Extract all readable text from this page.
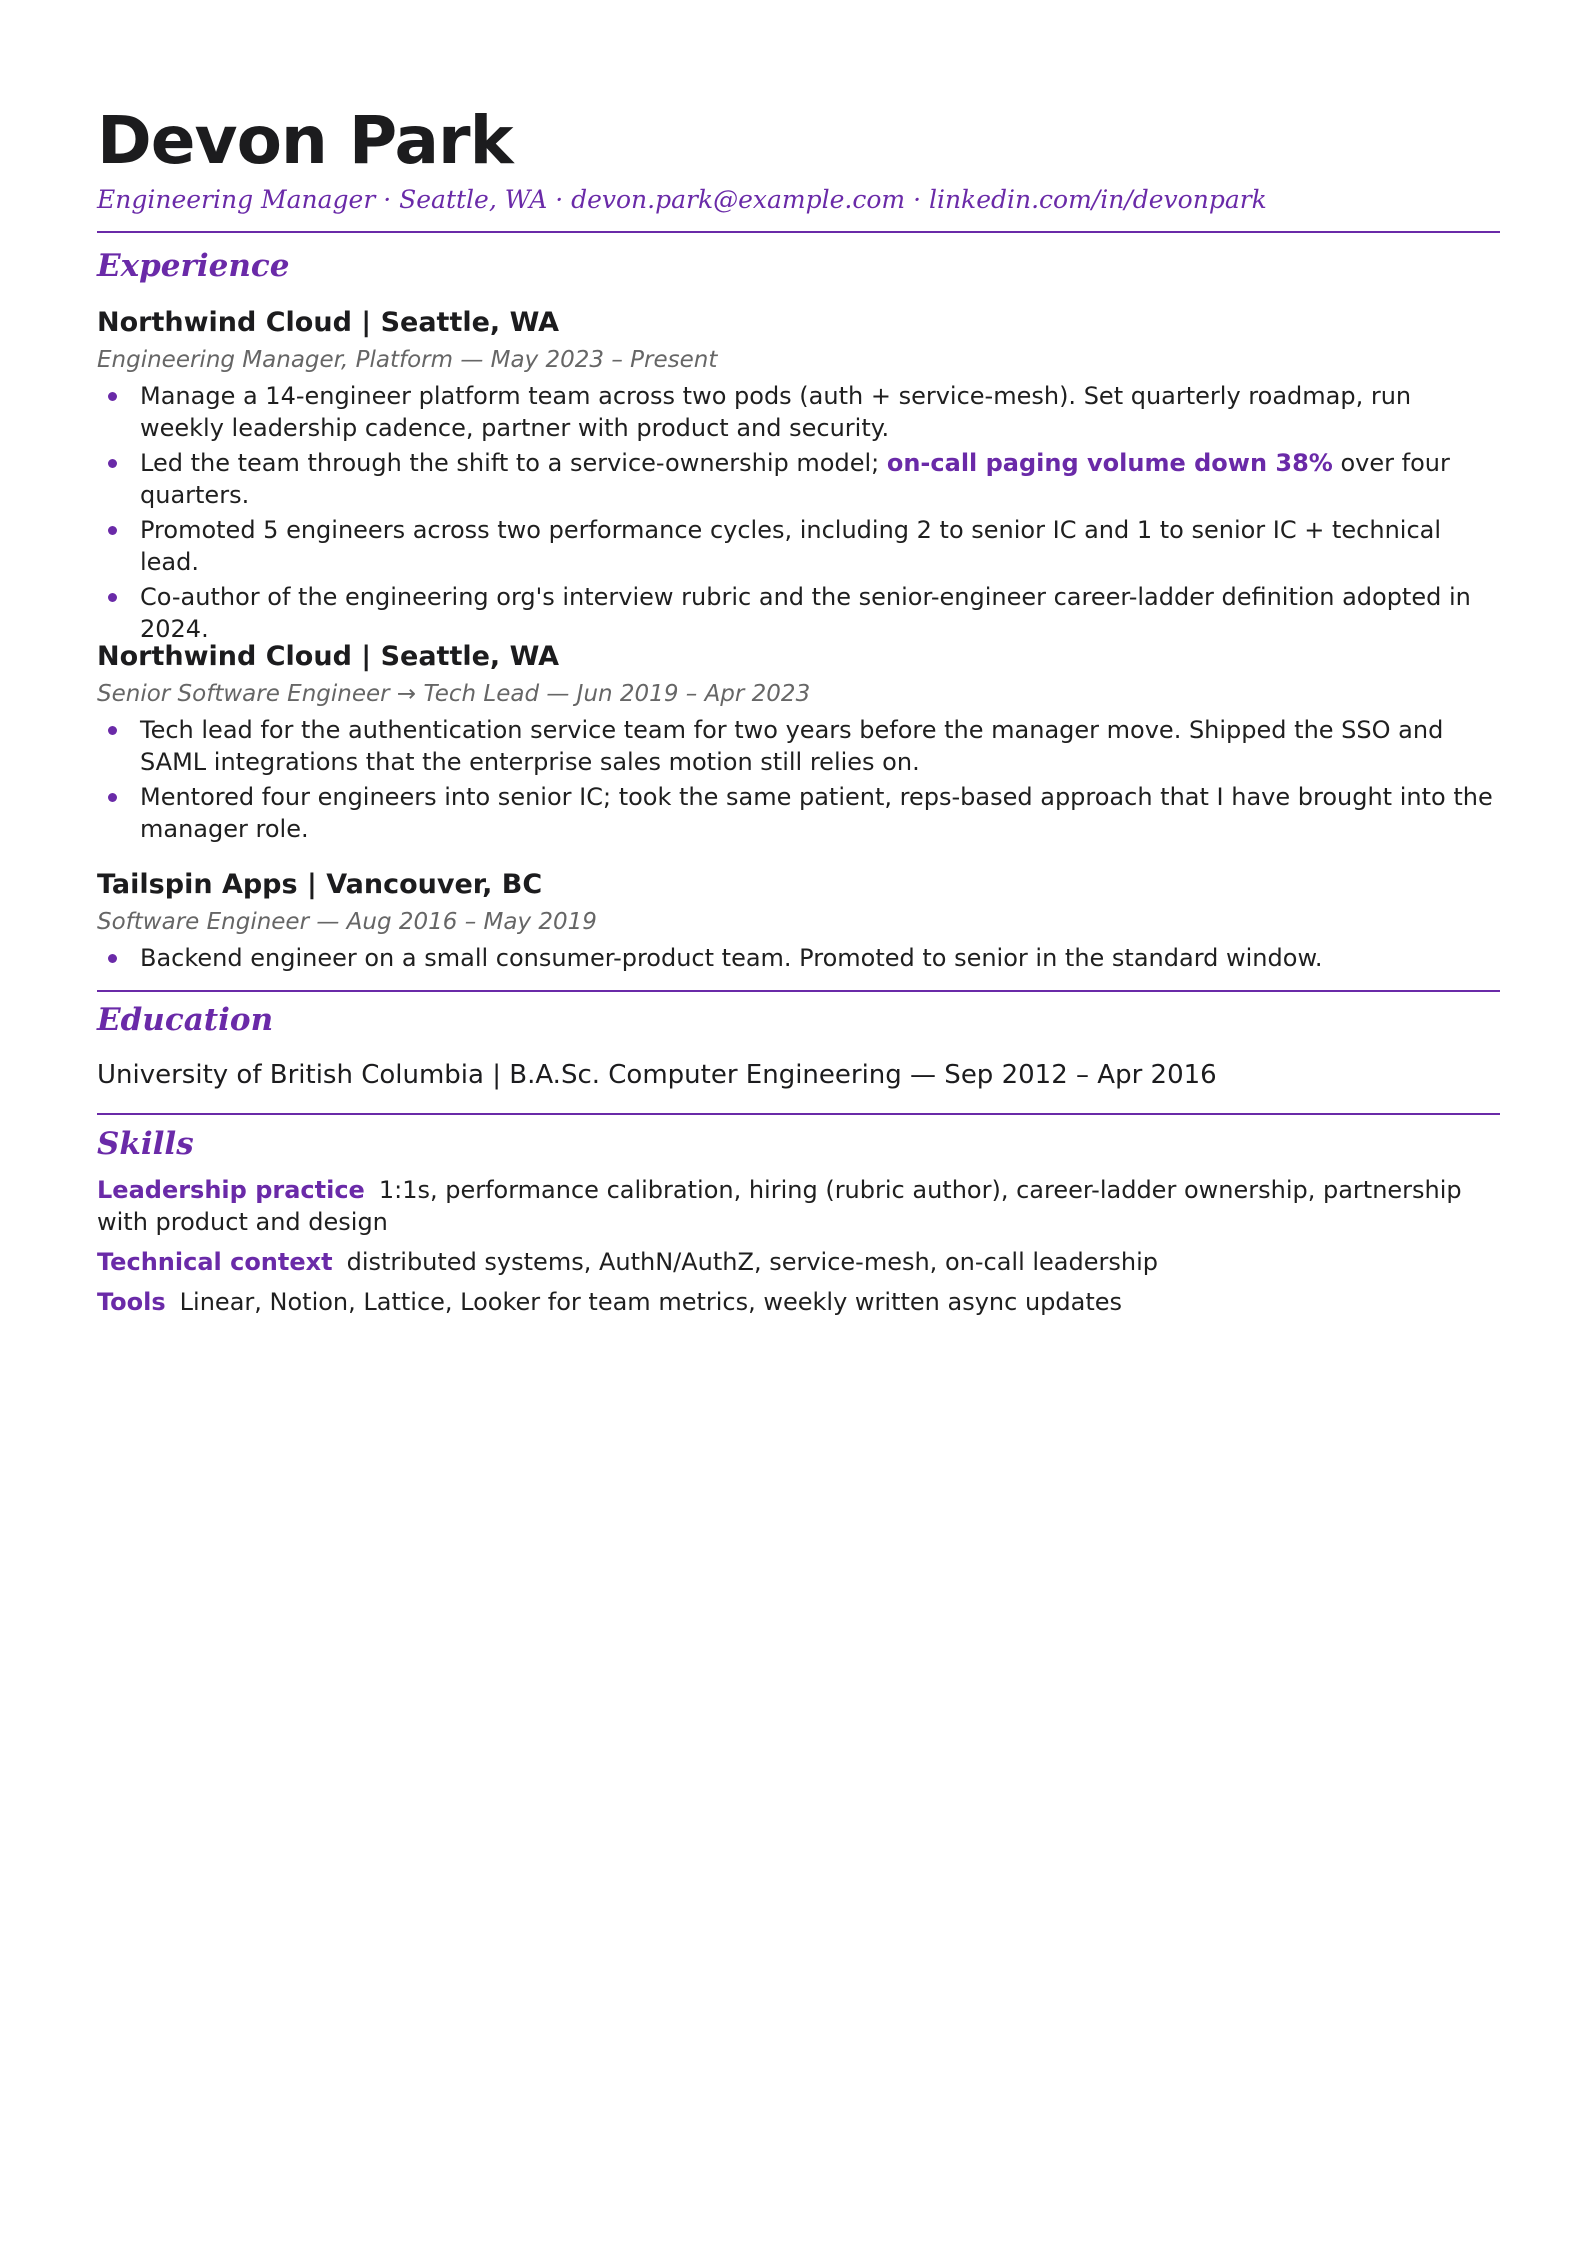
Devon Park
Engineering Manager · Seattle, WA · devon.park@example.com · linkedin.com/in/devonpark
Experience
Northwind Cloud | Seattle, WA
Engineering Manager, Platform — May 2023 – Present
Manage a 14-engineer platform team across two pods (auth + service-mesh). Set quarterly roadmap, run weekly leadership cadence, partner with product and security.
Led the team through the shift to a service-ownership model; on-call paging volume down 38% over four quarters.
Promoted 5 engineers across two performance cycles, including 2 to senior IC and 1 to senior IC + technical lead.
Co-author of the engineering org's interview rubric and the senior-engineer career-ladder definition adopted in 2024.
Northwind Cloud | Seattle, WA
Senior Software Engineer → Tech Lead — Jun 2019 – Apr 2023
Tech lead for the authentication service team for two years before the manager move. Shipped the SSO and SAML integrations that the enterprise sales motion still relies on.
Mentored four engineers into senior IC; took the same patient, reps-based approach that I have brought into the manager role.
Tailspin Apps | Vancouver, BC
Software Engineer — Aug 2016 – May 2019
Backend engineer on a small consumer-product team. Promoted to senior in the standard window.
Education
University of British Columbia | B.A.Sc. Computer Engineering — Sep 2012 – Apr 2016
Skills
Leadership practice 1:1s, performance calibration, hiring (rubric author), career-ladder ownership, partnership with product and design
Technical context distributed systems, AuthN/AuthZ, service-mesh, on-call leadership
Tools Linear, Notion, Lattice, Looker for team metrics, weekly written async updates
